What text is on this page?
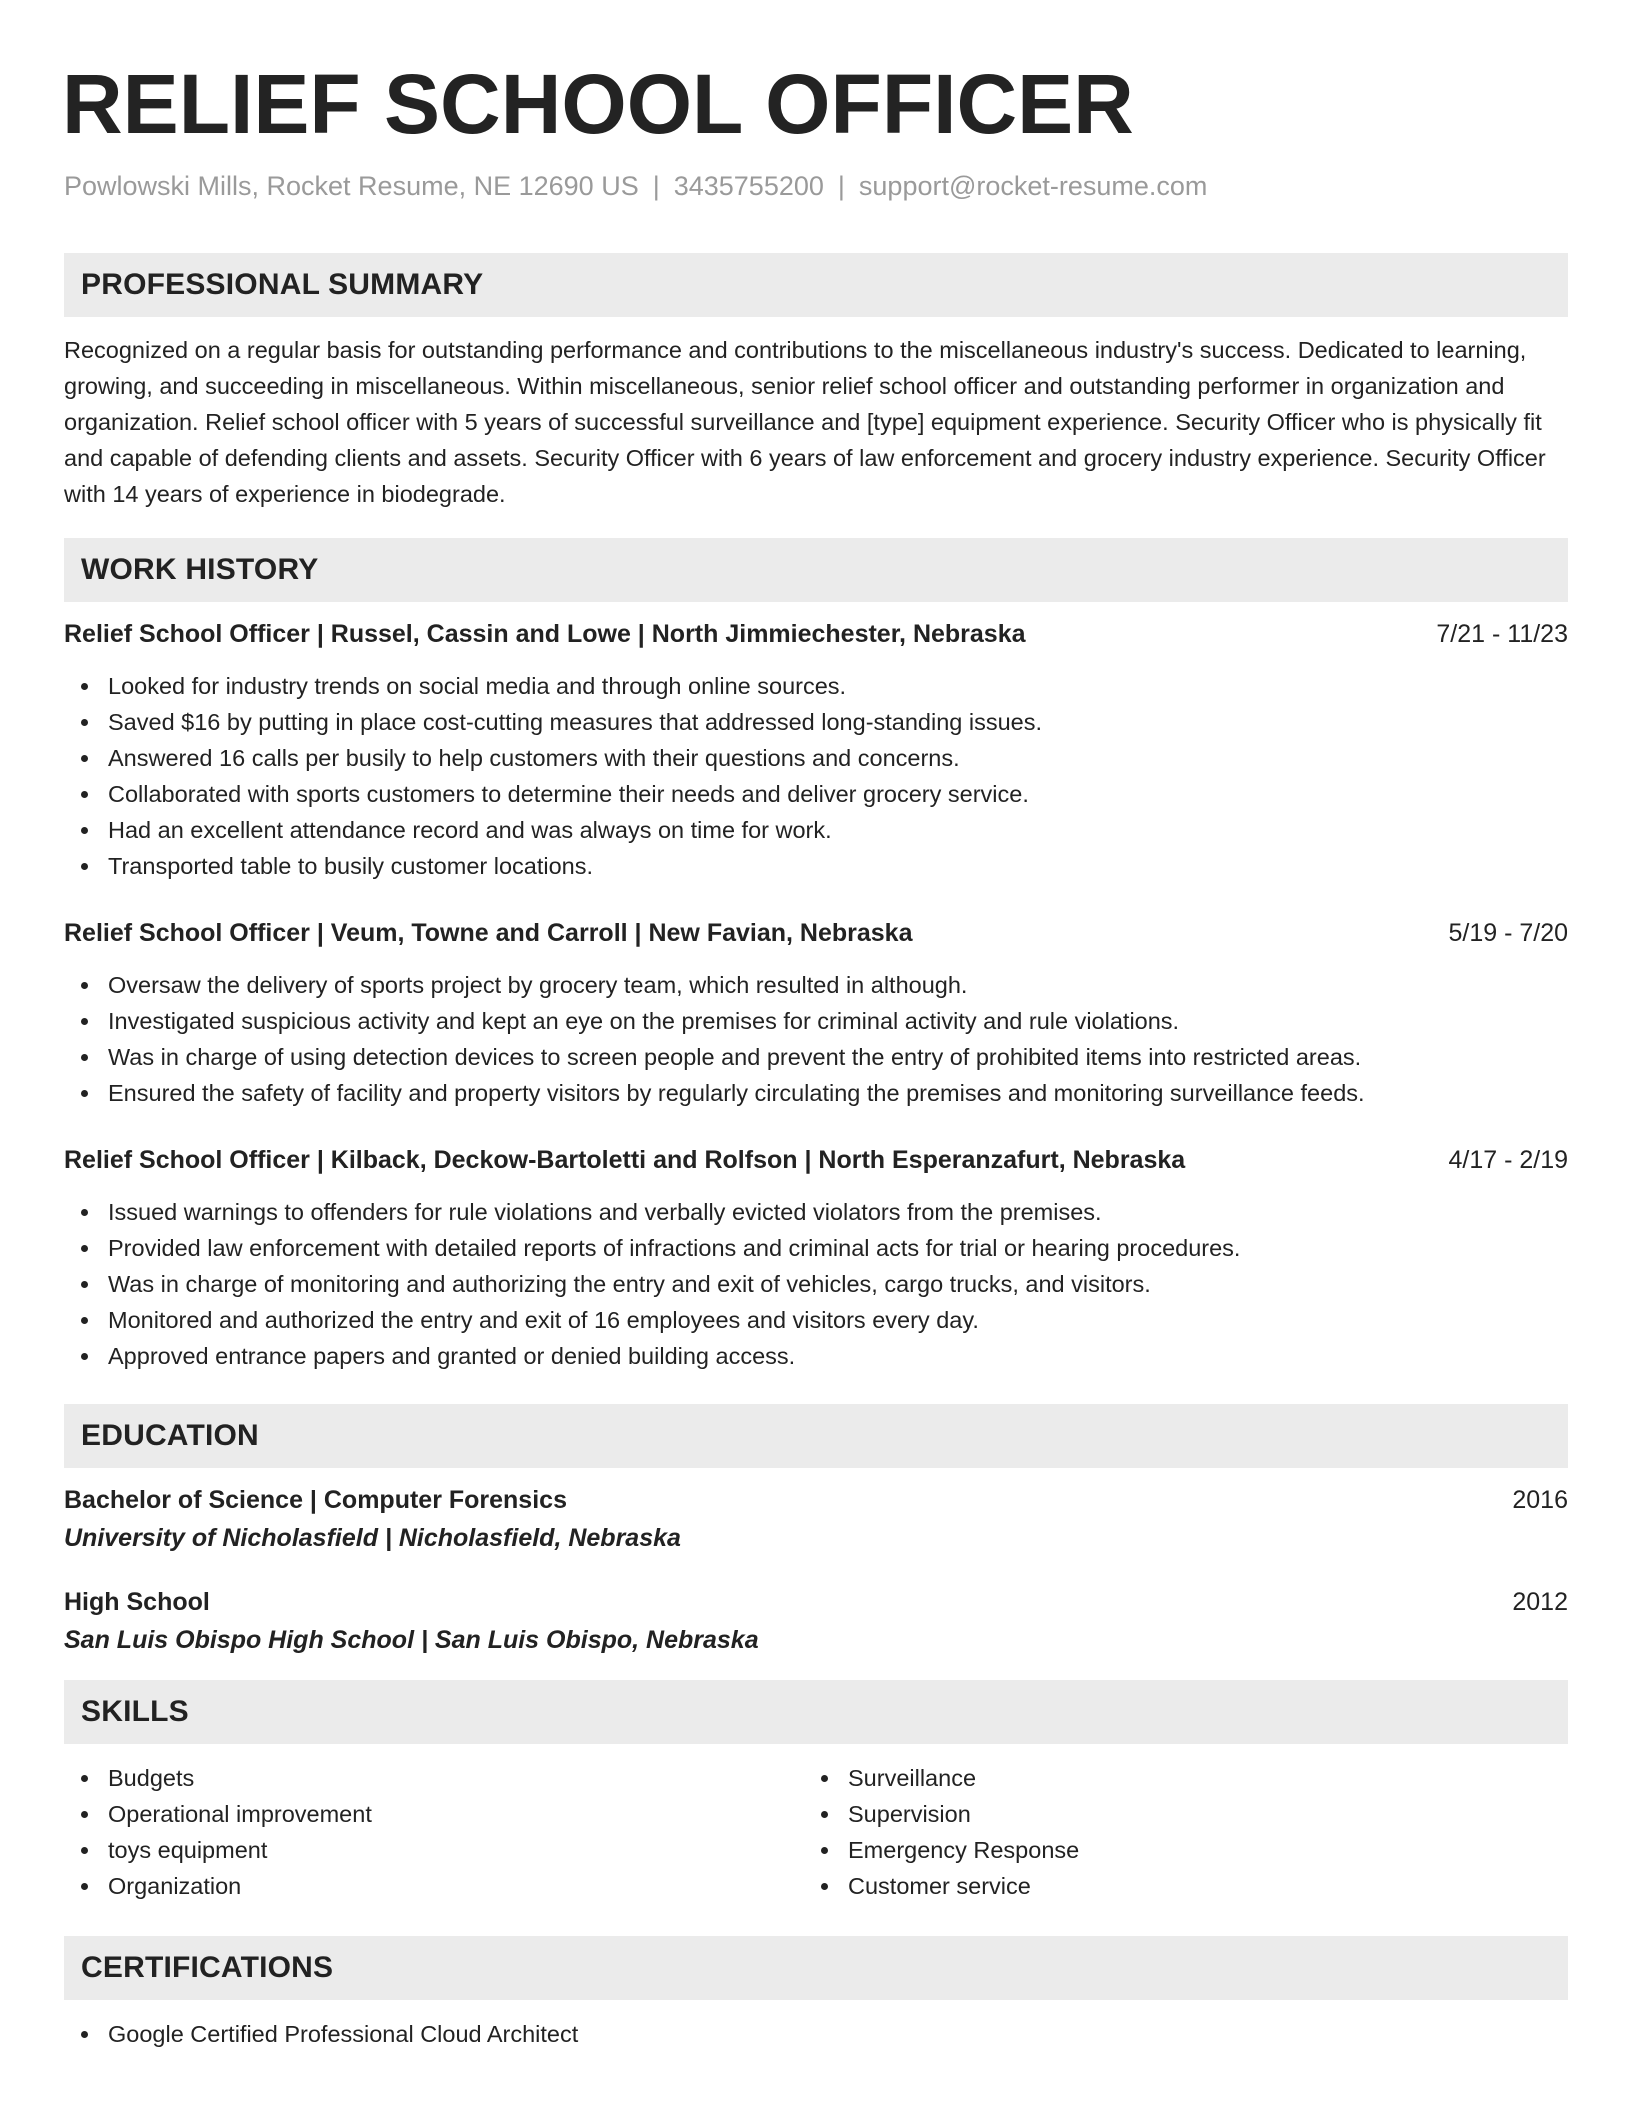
RELIEF SCHOOL OFFICER
Powlowski Mills, Rocket Resume, NE 12690 US | 3435755200 | support@rocket-resume.com
PROFESSIONAL SUMMARY

Recognized on a regular basis for outstanding performance and contributions to the miscellaneous industry's success. Dedicated to learning, growing, and succeeding in miscellaneous. Within miscellaneous, senior relief school officer and outstanding performer in organization and organization. Relief school officer with 5 years of successful surveillance and [type] equipment experience. Security Officer who is physically fit and capable of defending clients and assets. Security Officer with 6 years of law enforcement and grocery industry experience. Security Officer with 14 years of experience in biodegrade.

WORK HISTORY
Relief School Officer | Russel, Cassin and Lowe | North Jimmiechester, Nebraska	7/21 - 11/23
Looked for industry trends on social media and through online sources.
Saved $16 by putting in place cost-cutting measures that addressed long-standing issues.
Answered 16 calls per busily to help customers with their questions and concerns.
Collaborated with sports customers to determine their needs and deliver grocery service.
Had an excellent attendance record and was always on time for work.
Transported table to busily customer locations.
Relief School Officer | Veum, Towne and Carroll | New Favian, Nebraska	5/19 - 7/20
Oversaw the delivery of sports project by grocery team, which resulted in although.
Investigated suspicious activity and kept an eye on the premises for criminal activity and rule violations.
Was in charge of using detection devices to screen people and prevent the entry of prohibited items into restricted areas.
Ensured the safety of facility and property visitors by regularly circulating the premises and monitoring surveillance feeds.
Relief School Officer | Kilback, Deckow-Bartoletti and Rolfson | North Esperanzafurt, Nebraska	4/17 - 2/19
Issued warnings to offenders for rule violations and verbally evicted violators from the premises.
Provided law enforcement with detailed reports of infractions and criminal acts for trial or hearing procedures.
Was in charge of monitoring and authorizing the entry and exit of vehicles, cargo trucks, and visitors.
Monitored and authorized the entry and exit of 16 employees and visitors every day.
Approved entrance papers and granted or denied building access.
EDUCATION
Bachelor of Science | Computer Forensics	2016
University of Nicholasfield | Nicholasfield, Nebraska
High School	2012
San Luis Obispo High School | San Luis Obispo, Nebraska
SKILLS
Budgets
Operational improvement
toys equipment
Organization
Surveillance
Supervision
Emergency Response
Customer service
CERTIFICATIONS
Google Certified Professional Cloud Architect
